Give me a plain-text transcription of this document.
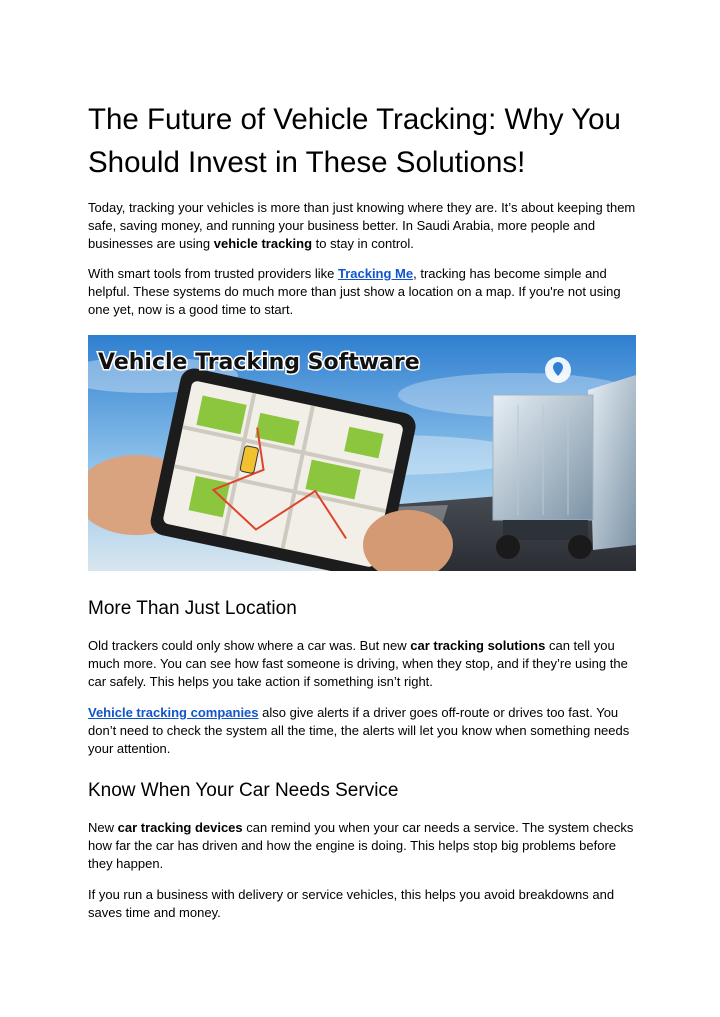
The Future of Vehicle Tracking: Why You Should Invest in These Solutions!

Today, tracking your vehicles is more than just knowing where they are. It’s about keeping them safe, saving money, and running your business better. In Saudi Arabia, more people and businesses are using vehicle tracking to stay in control.

With smart tools from trusted providers like Tracking Me, tracking has become simple and helpful. These systems do much more than just show a location on a map. If you're not using one yet, now is a good time to start.

Vehicle Tracking Software
More Than Just Location

Old trackers could only show where a car was. But new car tracking solutions can tell you much more. You can see how fast someone is driving, when they stop, and if they’re using the car safely. This helps you take action if something isn’t right.

Vehicle tracking companies also give alerts if a driver goes off-route or drives too fast. You don’t need to check the system all the time, the alerts will let you know when something needs your attention.

Know When Your Car Needs Service

New car tracking devices can remind you when your car needs a service. The system checks how far the car has driven and how the engine is doing. This helps stop big problems before they happen.

If you run a business with delivery or service vehicles, this helps you avoid breakdowns and saves time and money.
